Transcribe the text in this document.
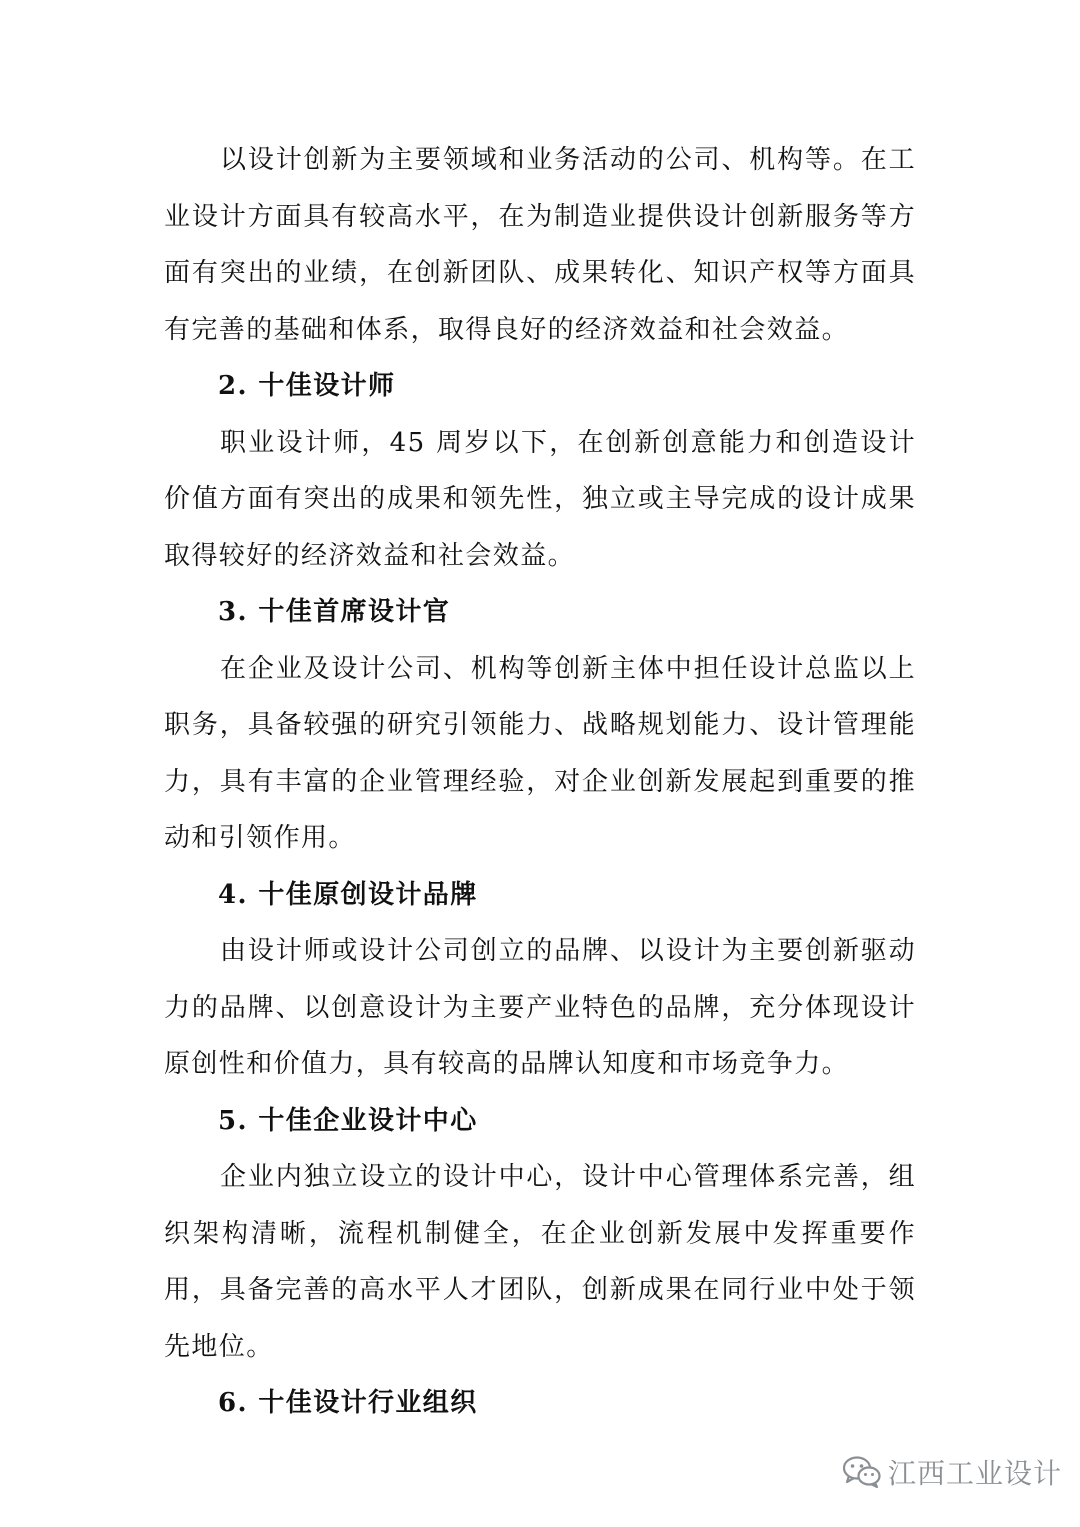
以设计创新为主要领域和业务活动的公司、机构等。在工业设计方面具有较高水平，在为制造业提供设计创新服务等方面有突出的业绩，在创新团队、成果转化、知识产权等方面具有完善的基础和体系，取得良好的经济效益和社会效益。

2. 十佳设计师

职业设计师，45 周岁以下，在创新创意能力和创造设计价值方面有突出的成果和领先性，独立或主导完成的设计成果取得较好的经济效益和社会效益。

3. 十佳首席设计官

在企业及设计公司、机构等创新主体中担任设计总监以上职务，具备较强的研究引领能力、战略规划能力、设计管理能力，具有丰富的企业管理经验，对企业创新发展起到重要的推动和引领作用。

4. 十佳原创设计品牌

由设计师或设计公司创立的品牌、以设计为主要创新驱动力的品牌、以创意设计为主要产业特色的品牌，充分体现设计原创性和价值力，具有较高的品牌认知度和市场竞争力。

5. 十佳企业设计中心

企业内独立设立的设计中心，设计中心管理体系完善，组织架构清晰，流程机制健全，在企业创新发展中发挥重要作用，具备完善的高水平人才团队，创新成果在同行业中处于领先地位。

6. 十佳设计行业组织

江西工业设计
